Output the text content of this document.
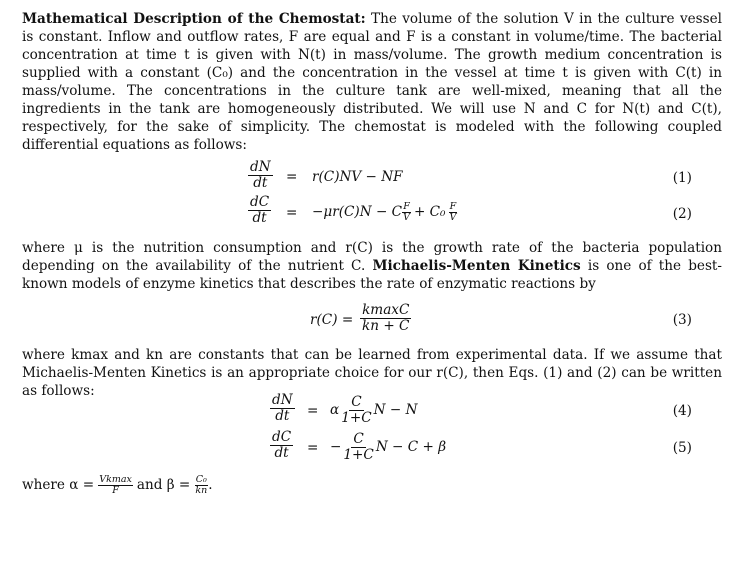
Mathematical Description of the Chemostat: The volume of the solution V in the culture vessel is constant. Inflow and outflow rates, F are equal and F is a constant in volume/time. The bacterial concentration at time t is given with N(t) in mass/volume. The growth medium concentration is supplied with a constant (C₀) and the concentration in the vessel at time t is given with C(t) in mass/volume. The concentrations in the culture tank are well-mixed, meaning that all the ingredients in the tank are homogeneously distributed. We will use N and C for N(t) and C(t), respectively, for the sake of simplicity. The chemostat is modeled with the following coupled differential equations as follows:
$\frac{dN}{dt} = r(C)NV$ − NF	(1)
$\frac{dC}{dt} = -\mu r(C)N - C \frac{F}{V} + C_0 \frac{F}{V}$	(2)
where μ is the nutrition consumption and r(C) is the growth rate of the bacteria population depending on the availability of the nutrient C. Michaelis-Menten Kinetics is one of the best-known models of enzyme kinetics that describes the rate of enzymatic reactions by
r(C) =
kmaxC
kn + C	(3)
where kmax and kn are constants that can be learned from experimental data. If we assume that Michaelis-Menten Kinetics is an appropriate choice for our r(C), then Eqs. (1) and (2) can be written as follows:
$\frac{dN}{dt} = \alpha \frac{C}{1+C}$ N − N	(4)
$\frac{dC}{dt}$ = − $\frac{C}{1+C}$ N − C + β	(5)
where $\alpha = \frac{Vkmax}{F}$ and $\beta = \frac{\text{C₀}}{kn}$ .
